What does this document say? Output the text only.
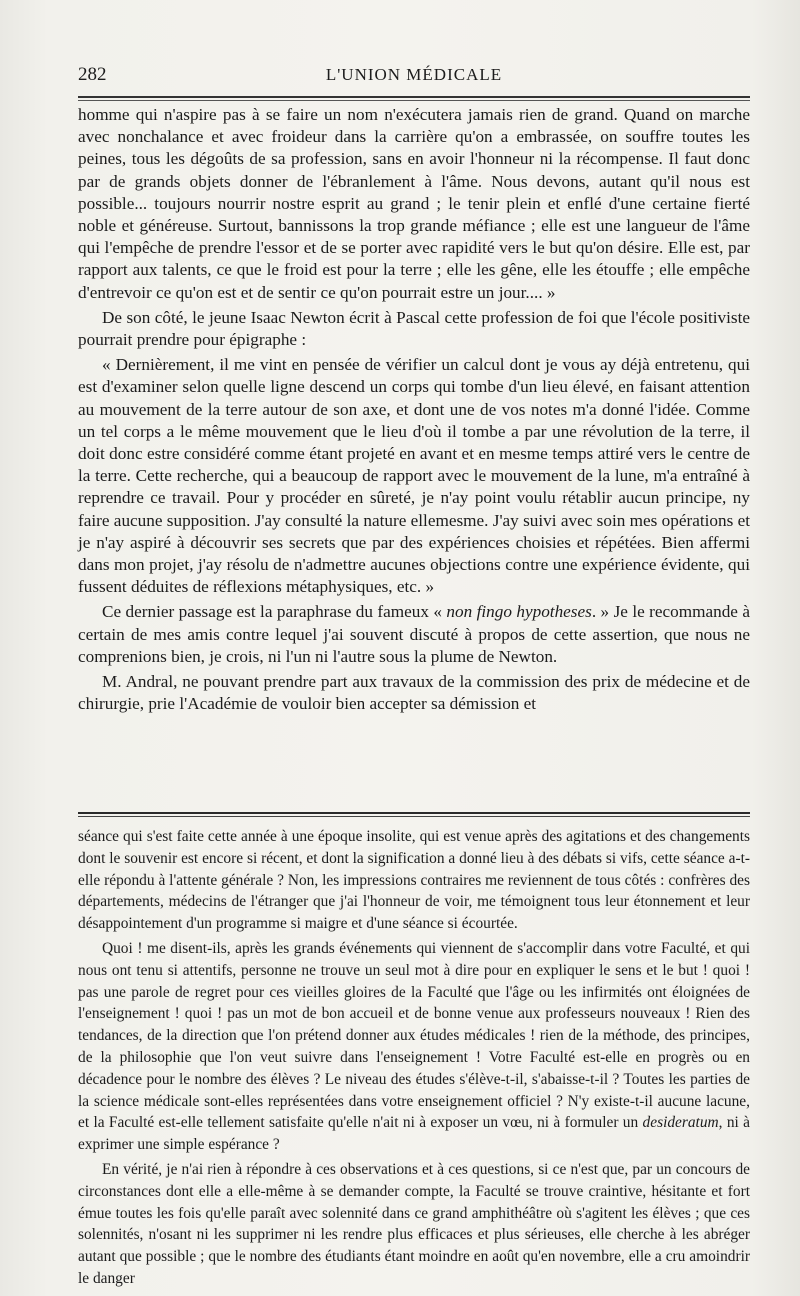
282	L'UNION MÉDICALE

homme qui n'aspire pas à se faire un nom n'exécutera jamais rien de grand. Quand on marche avec nonchalance et avec froideur dans la carrière qu'on a embrassée, on souffre toutes les peines, tous les dégoûts de sa profession, sans en avoir l'honneur ni la récompense. Il faut donc par de grands objets donner de l'ébranlement à l'âme. Nous devons, autant qu'il nous est possible... toujours nourrir nostre esprit au grand ; le tenir plein et enflé d'une certaine fierté noble et généreuse. Surtout, bannissons la trop grande méfiance ; elle est une langueur de l'âme qui l'empêche de prendre l'essor et de se porter avec rapidité vers le but qu'on désire. Elle est, par rapport aux talents, ce que le froid est pour la terre ; elle les gêne, elle les étouffe ; elle empêche d'entrevoir ce qu'on est et de sentir ce qu'on pourrait estre un jour.... »

De son côté, le jeune Isaac Newton écrit à Pascal cette profession de foi que l'école positiviste pourrait prendre pour épigraphe :

« Dernièrement, il me vint en pensée de vérifier un calcul dont je vous ay déjà entretenu, qui est d'examiner selon quelle ligne descend un corps qui tombe d'un lieu élevé, en faisant attention au mouvement de la terre autour de son axe, et dont une de vos notes m'a donné l'idée. Comme un tel corps a le même mouvement que le lieu d'où il tombe a par une révolution de la terre, il doit donc estre considéré comme étant projeté en avant et en mesme temps attiré vers le centre de la terre. Cette recherche, qui a beaucoup de rapport avec le mouvement de la lune, m'a entraîné à reprendre ce travail. Pour y procéder en sûreté, je n'ay point voulu rétablir aucun principe, ny faire aucune supposition. J'ay consulté la nature ellemesme. J'ay suivi avec soin mes opérations et je n'ay aspiré à découvrir ses secrets que par des expériences choisies et répétées. Bien affermi dans mon projet, j'ay résolu de n'admettre aucunes objections contre une expérience évidente, qui fussent déduites de réflexions métaphysiques, etc. »

Ce dernier passage est la paraphrase du fameux « non fingo hypotheses. » Je le recommande à certain de mes amis contre lequel j'ai souvent discuté à propos de cette assertion, que nous ne comprenions bien, je crois, ni l'un ni l'autre sous la plume de Newton.

M. Andral, ne pouvant prendre part aux travaux de la commission des prix de médecine et de chirurgie, prie l'Académie de vouloir bien accepter sa démission et

séance qui s'est faite cette année à une époque insolite, qui est venue après des agitations et des changements dont le souvenir est encore si récent, et dont la signification a donné lieu à des débats si vifs, cette séance a-t-elle répondu à l'attente générale ? Non, les impressions contraires me reviennent de tous côtés : confrères des départements, médecins de l'étranger que j'ai l'honneur de voir, me témoignent tous leur étonnement et leur désappointement d'un programme si maigre et d'une séance si écourtée.

Quoi ! me disent-ils, après les grands événements qui viennent de s'accomplir dans votre Faculté, et qui nous ont tenu si attentifs, personne ne trouve un seul mot à dire pour en expliquer le sens et le but ! quoi ! pas une parole de regret pour ces vieilles gloires de la Faculté que l'âge ou les infirmités ont éloignées de l'enseignement ! quoi ! pas un mot de bon accueil et de bonne venue aux professeurs nouveaux ! Rien des tendances, de la direction que l'on prétend donner aux études médicales ! rien de la méthode, des principes, de la philosophie que l'on veut suivre dans l'enseignement ! Votre Faculté est-elle en progrès ou en décadence pour le nombre des élèves ? Le niveau des études s'élève-t-il, s'abaisse-t-il ? Toutes les parties de la science médicale sont-elles représentées dans votre enseignement officiel ? N'y existe-t-il aucune lacune, et la Faculté est-elle tellement satisfaite qu'elle n'ait ni à exposer un vœu, ni à formuler un desideratum, ni à exprimer une simple espérance ?

En vérité, je n'ai rien à répondre à ces observations et à ces questions, si ce n'est que, par un concours de circonstances dont elle a elle-même à se demander compte, la Faculté se trouve craintive, hésitante et fort émue toutes les fois qu'elle paraît avec solennité dans ce grand amphithéâtre où s'agitent les élèves ; que ces solennités, n'osant ni les supprimer ni les rendre plus efficaces et plus sérieuses, elle cherche à les abréger autant que possible ; que le nombre des étudiants étant moindre en août qu'en novembre, elle a cru amoindrir le danger
